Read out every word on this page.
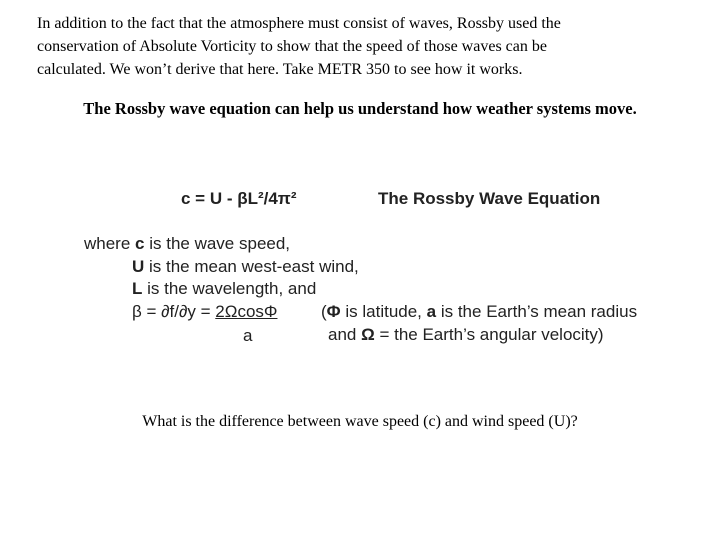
In addition to the fact that the atmosphere must consist of waves, Rossby used the
conservation of Absolute Vorticity to show that the speed of those waves can be
calculated. We won’t derive that here. Take METR 350 to see how it works.

The Rossby wave equation can help us understand how weather systems move.

c = U - βL²/4π²	The Rossby Wave Equation
where c is the wave speed,
U is the mean west-east wind,
L is the wavelength, and
β = ∂f/∂y = 2ΩcosΦ
a
(Φ is latitude, a is the Earth’s mean radius
and Ω = the Earth’s angular velocity)

What is the difference between wave speed (c) and wind speed (U)?
